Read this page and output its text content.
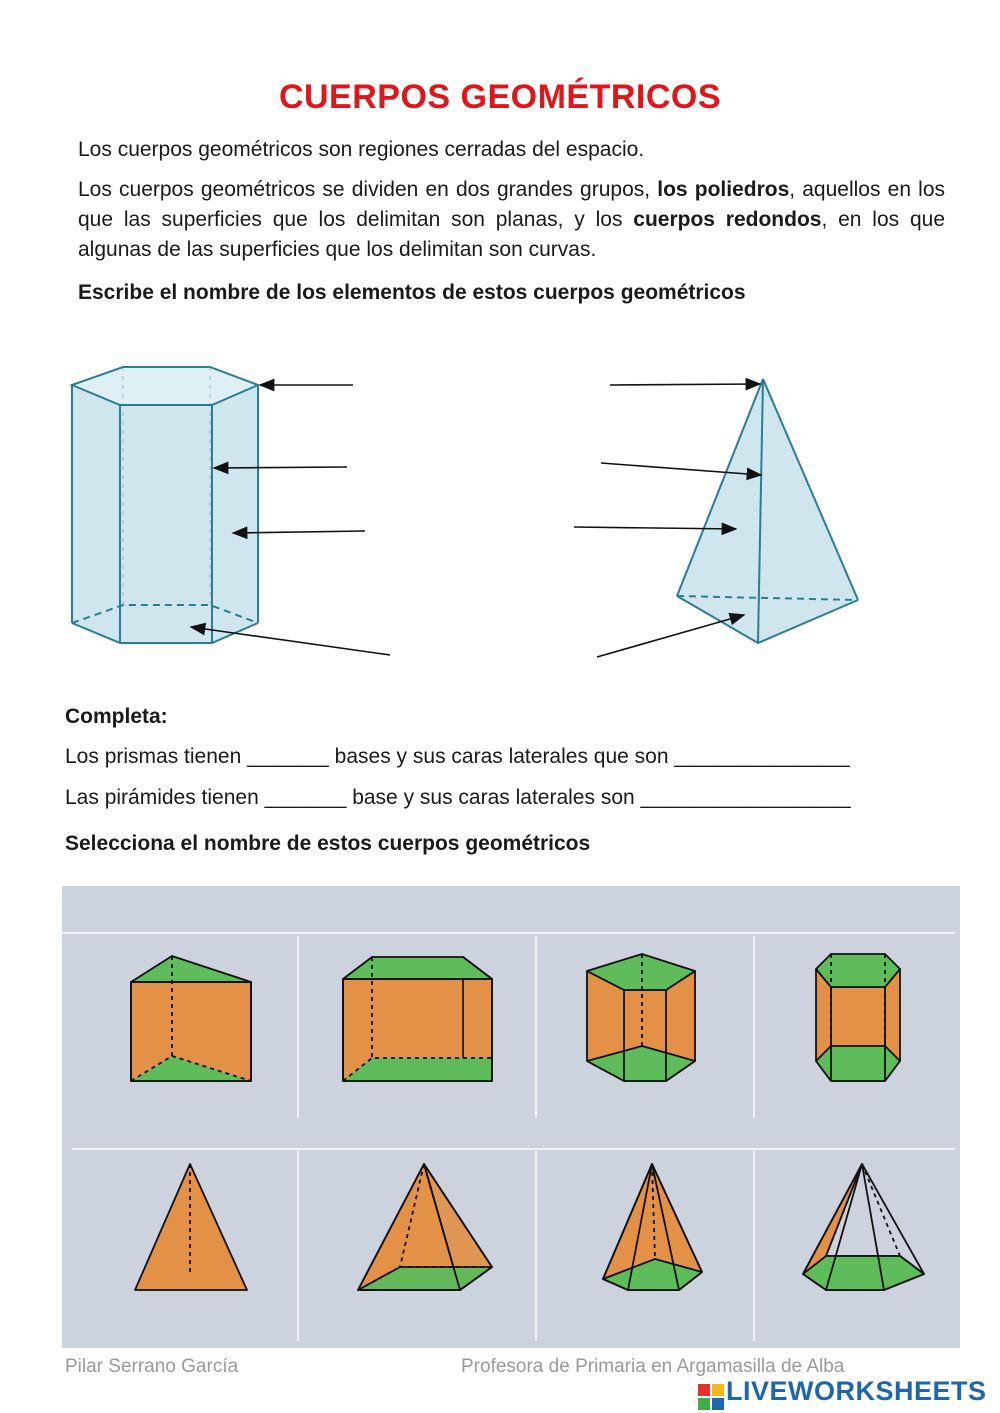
CUERPOS GEOMÉTRICOS

Los cuerpos geométricos son regiones cerradas del espacio.

Los cuerpos geométricos se dividen en dos grandes grupos, los poliedros, aquellos en los que las superficies que los delimitan son planas, y los cuerpos redondos, en los que algunas de las superficies que los delimitan son curvas.

Escribe el nombre de los elementos de estos cuerpos geométricos

Completa:

Los prismas tienen _______ bases y sus caras laterales que son _______________

Las pirámides tienen _______ base y sus caras laterales son __________________

Selecciona el nombre de estos cuerpos geométricos

Pilar Serrano García	Profesora de Primaria en Argamasilla de Alba
LIVEWORKSHEETS
